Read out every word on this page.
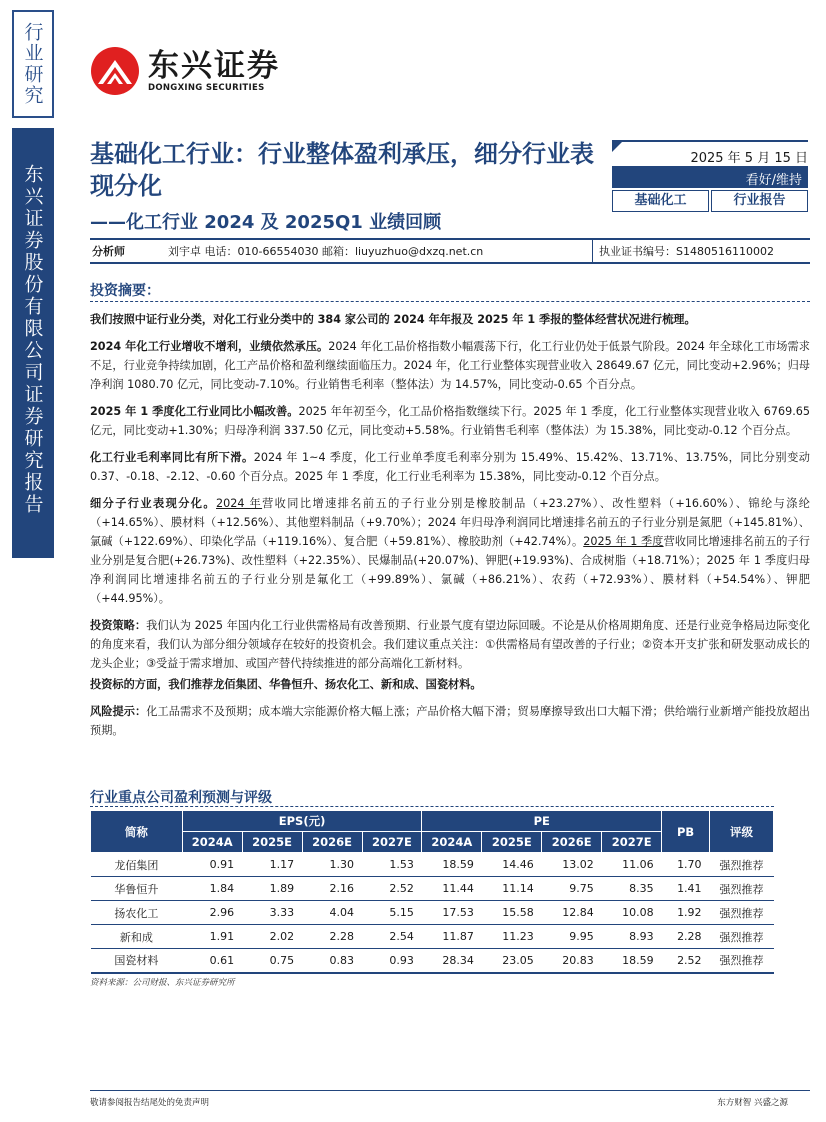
行业研究
东兴证券股份有限公司证券研究报告
东兴证券
DONGXING SECURITIES
基础化工行业：行业整体盈利承压，细分行业表现分化
——化工行业 2024 及 2025Q1 业绩回顾
2025 年 5 月 15 日
看好/维持
基础化工	行业报告
分析师	刘宇卓 电话：010-66554030 邮箱：liuyuzhuo@dxzq.net.cn	执业证书编号：S1480516110002
投资摘要：

我们按照中证行业分类，对化工行业分类中的 384 家公司的 2024 年年报及 2025 年 1 季报的整体经营状况进行梳理。

2024 年化工行业增收不增利，业绩依然承压。2024 年化工品价格指数小幅震荡下行，化工行业仍处于低景气阶段。2024 年全球化工市场需求不足，行业竞争持续加剧，化工产品价格和盈利继续面临压力。2024 年，化工行业整体实现营业收入 28649.67 亿元，同比变动+2.96%；归母净利润 1080.70 亿元，同比变动-7.10%。行业销售毛利率（整体法）为 14.57%，同比变动-0.65 个百分点。

2025 年 1 季度化工行业同比小幅改善。2025 年年初至今，化工品价格指数继续下行。2025 年 1 季度，化工行业整体实现营业收入 6769.65 亿元，同比变动+1.30%；归母净利润 337.50 亿元，同比变动+5.58%。行业销售毛利率（整体法）为 15.38%，同比变动-0.12 个百分点。

化工行业毛利率同比有所下滑。2024 年 1~4 季度，化工行业单季度毛利率分别为 15.49%、15.42%、13.71%、13.75%，同比分别变动 0.37、-0.18、-2.12、-0.60 个百分点。2025 年 1 季度，化工行业毛利率为 15.38%，同比变动-0.12 个百分点。

细分子行业表现分化。2024 年营收同比增速排名前五的子行业分别是橡胶制品（+23.27%）、改性塑料（+16.60%）、锦纶与涤纶（+14.65%）、膜材料（+12.56%）、其他塑料制品（+9.70%）；2024 年归母净利润同比增速排名前五的子行业分别是氮肥（+145.81%）、氯碱（+122.69%）、印染化学品（+119.16%）、复合肥（+59.81%）、橡胶助剂（+42.74%）。2025 年 1 季度营收同比增速排名前五的子行业分别是复合肥(+26.73%)、改性塑料（+22.35%）、民爆制品(+20.07%)、钾肥(+19.93%)、合成树脂（+18.71%）；2025 年 1 季度归母净利润同比增速排名前五的子行业分别是氟化工（+99.89%）、氯碱（+86.21%）、农药（+72.93%）、膜材料（+54.54%）、钾肥（+44.95%）。

投资策略：我们认为 2025 年国内化工行业供需格局有改善预期、行业景气度有望边际回暖。不论是从价格周期角度、还是行业竞争格局边际变化的角度来看，我们认为部分细分领域存在较好的投资机会。我们建议重点关注：①供需格局有望改善的子行业；②资本开支扩张和研发驱动成长的龙头企业；③受益于需求增加、或国产替代持续推进的部分高端化工新材料。

投资标的方面，我们推荐龙佰集团、华鲁恒升、扬农化工、新和成、国瓷材料。

风险提示：化工品需求不及预期；成本端大宗能源价格大幅上涨；产品价格大幅下滑；贸易摩擦导致出口大幅下滑；供给端行业新增产能投放超出预期。

行业重点公司盈利预测与评级
简称	EPS(元)				PE				PB	评级
	2024A	2025E	2026E	2027E	2024A	2025E	2026E	2027E		
龙佰集团	0.91	1.17	1.30	1.53	18.59	14.46	13.02	11.06	1.70	强烈推荐
华鲁恒升	1.84	1.89	2.16	2.52	11.44	11.14	9.75	8.35	1.41	强烈推荐
扬农化工	2.96	3.33	4.04	5.15	17.53	15.58	12.84	10.08	1.92	强烈推荐
新和成	1.91	2.02	2.28	2.54	11.87	11.23	9.95	8.93	2.28	强烈推荐
国瓷材料	0.61	0.75	0.83	0.93	28.34	23.05	20.83	18.59	2.52	强烈推荐
资料来源：公司财报、东兴证券研究所
敬请参阅报告结尾处的免责声明	东方财智 兴盛之源
